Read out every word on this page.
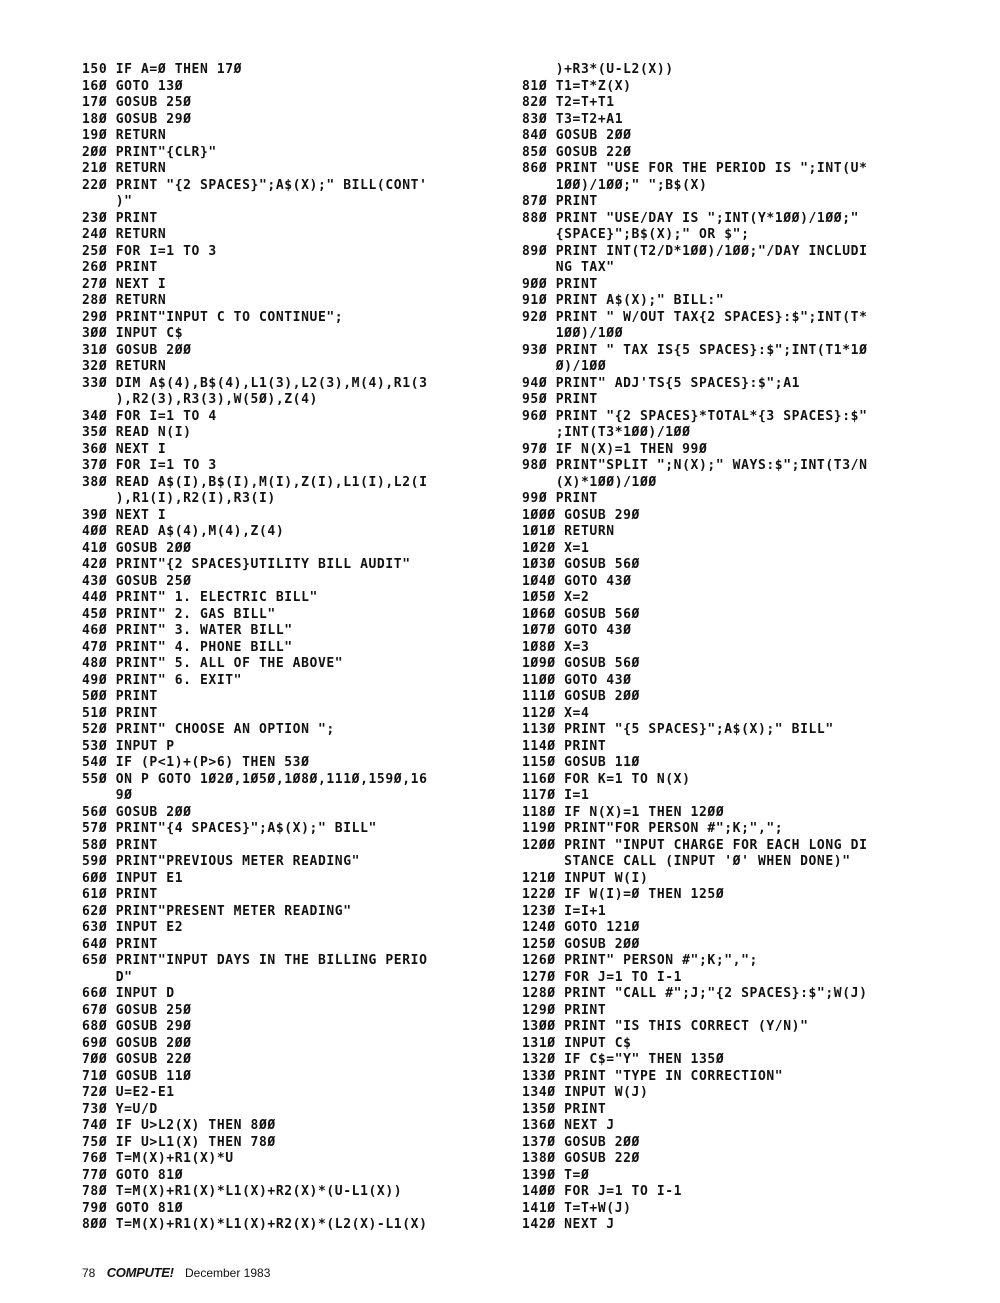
150 IF A=Ø THEN 17Ø
16Ø GOTO 13Ø
17Ø GOSUB 25Ø
18Ø GOSUB 29Ø
19Ø RETURN
2ØØ PRINT"{CLR}"
21Ø RETURN
22Ø PRINT "{2 SPACES}";A$(X);" BILL(CONT'
)"
23Ø PRINT
24Ø RETURN
25Ø FOR I=1 TO 3
26Ø PRINT
27Ø NEXT I
28Ø RETURN
29Ø PRINT"INPUT C TO CONTINUE";
3ØØ INPUT C$
31Ø GOSUB 2ØØ
32Ø RETURN
33Ø DIM A$(4),B$(4),L1(3),L2(3),M(4),R1(3
),R2(3),R3(3),W(5Ø),Z(4)
34Ø FOR I=1 TO 4
35Ø READ N(I)
36Ø NEXT I
37Ø FOR I=1 TO 3
38Ø READ A$(I),B$(I),M(I),Z(I),L1(I),L2(I
),R1(I),R2(I),R3(I)
39Ø NEXT I
4ØØ READ A$(4),M(4),Z(4)
41Ø GOSUB 2ØØ
42Ø PRINT"{2 SPACES}UTILITY BILL AUDIT"
43Ø GOSUB 25Ø
44Ø PRINT" 1. ELECTRIC BILL"
45Ø PRINT" 2. GAS BILL"
46Ø PRINT" 3. WATER BILL"
47Ø PRINT" 4. PHONE BILL"
48Ø PRINT" 5. ALL OF THE ABOVE"
49Ø PRINT" 6. EXIT"
5ØØ PRINT
51Ø PRINT
52Ø PRINT" CHOOSE AN OPTION ";
53Ø INPUT P
54Ø IF (P<1)+(P>6) THEN 53Ø
55Ø ON P GOTO 1Ø2Ø,1Ø5Ø,1Ø8Ø,111Ø,159Ø,16
9Ø
56Ø GOSUB 2ØØ
57Ø PRINT"{4 SPACES}";A$(X);" BILL"
58Ø PRINT
59Ø PRINT"PREVIOUS METER READING"
6ØØ INPUT E1
61Ø PRINT
62Ø PRINT"PRESENT METER READING"
63Ø INPUT E2
64Ø PRINT
65Ø PRINT"INPUT DAYS IN THE BILLING PERIO
D"
66Ø INPUT D
67Ø GOSUB 25Ø
68Ø GOSUB 29Ø
69Ø GOSUB 2ØØ
7ØØ GOSUB 22Ø
71Ø GOSUB 11Ø
72Ø U=E2-E1
73Ø Y=U/D
74Ø IF U>L2(X) THEN 8ØØ
75Ø IF U>L1(X) THEN 78Ø
76Ø T=M(X)+R1(X)*U
77Ø GOTO 81Ø
78Ø T=M(X)+R1(X)*L1(X)+R2(X)*(U-L1(X))
79Ø GOTO 81Ø
8ØØ T=M(X)+R1(X)*L1(X)+R2(X)*(L2(X)-L1(X)
)+R3*(U-L2(X))
81Ø T1=T*Z(X)
82Ø T2=T+T1
83Ø T3=T2+A1
84Ø GOSUB 2ØØ
85Ø GOSUB 22Ø
86Ø PRINT "USE FOR THE PERIOD IS ";INT(U*
1ØØ)/1ØØ;" ";B$(X)
87Ø PRINT
88Ø PRINT "USE/DAY IS ";INT(Y*1ØØ)/1ØØ;"
{SPACE}";B$(X);" OR $";
89Ø PRINT INT(T2/D*1ØØ)/1ØØ;"/DAY INCLUDI
NG TAX"
9ØØ PRINT
91Ø PRINT A$(X);" BILL:"
92Ø PRINT " W/OUT TAX{2 SPACES}:$";INT(T*
1ØØ)/1ØØ
93Ø PRINT " TAX IS{5 SPACES}:$";INT(T1*1Ø
Ø)/1ØØ
94Ø PRINT" ADJ'TS{5 SPACES}:$";A1
95Ø PRINT
96Ø PRINT "{2 SPACES}*TOTAL*{3 SPACES}:$"
;INT(T3*1ØØ)/1ØØ
97Ø IF N(X)=1 THEN 99Ø
98Ø PRINT"SPLIT ";N(X);" WAYS:$";INT(T3/N
(X)*1ØØ)/1ØØ
99Ø PRINT
1ØØØ GOSUB 29Ø
1Ø1Ø RETURN
1Ø2Ø X=1
1Ø3Ø GOSUB 56Ø
1Ø4Ø GOTO 43Ø
1Ø5Ø X=2
1Ø6Ø GOSUB 56Ø
1Ø7Ø GOTO 43Ø
1Ø8Ø X=3
1Ø9Ø GOSUB 56Ø
11ØØ GOTO 43Ø
111Ø GOSUB 2ØØ
112Ø X=4
113Ø PRINT "{5 SPACES}";A$(X);" BILL"
114Ø PRINT
115Ø GOSUB 11Ø
116Ø FOR K=1 TO N(X)
117Ø I=1
118Ø IF N(X)=1 THEN 12ØØ
119Ø PRINT"FOR PERSON #";K;",";
12ØØ PRINT "INPUT CHARGE FOR EACH LONG DI
STANCE CALL (INPUT 'Ø' WHEN DONE)"
121Ø INPUT W(I)
122Ø IF W(I)=Ø THEN 125Ø
123Ø I=I+1
124Ø GOTO 121Ø
125Ø GOSUB 2ØØ
126Ø PRINT" PERSON #";K;",";
127Ø FOR J=1 TO I-1
128Ø PRINT "CALL #";J;"{2 SPACES}:$";W(J)
129Ø PRINT
13ØØ PRINT "IS THIS CORRECT (Y/N)"
131Ø INPUT C$
132Ø IF C$="Y" THEN 135Ø
133Ø PRINT "TYPE IN CORRECTION"
134Ø INPUT W(J)
135Ø PRINT
136Ø NEXT J
137Ø GOSUB 2ØØ
138Ø GOSUB 22Ø
139Ø T=Ø
14ØØ FOR J=1 TO I-1
141Ø T=T+W(J)
142Ø NEXT J
78 COMPUTE! December 1983
